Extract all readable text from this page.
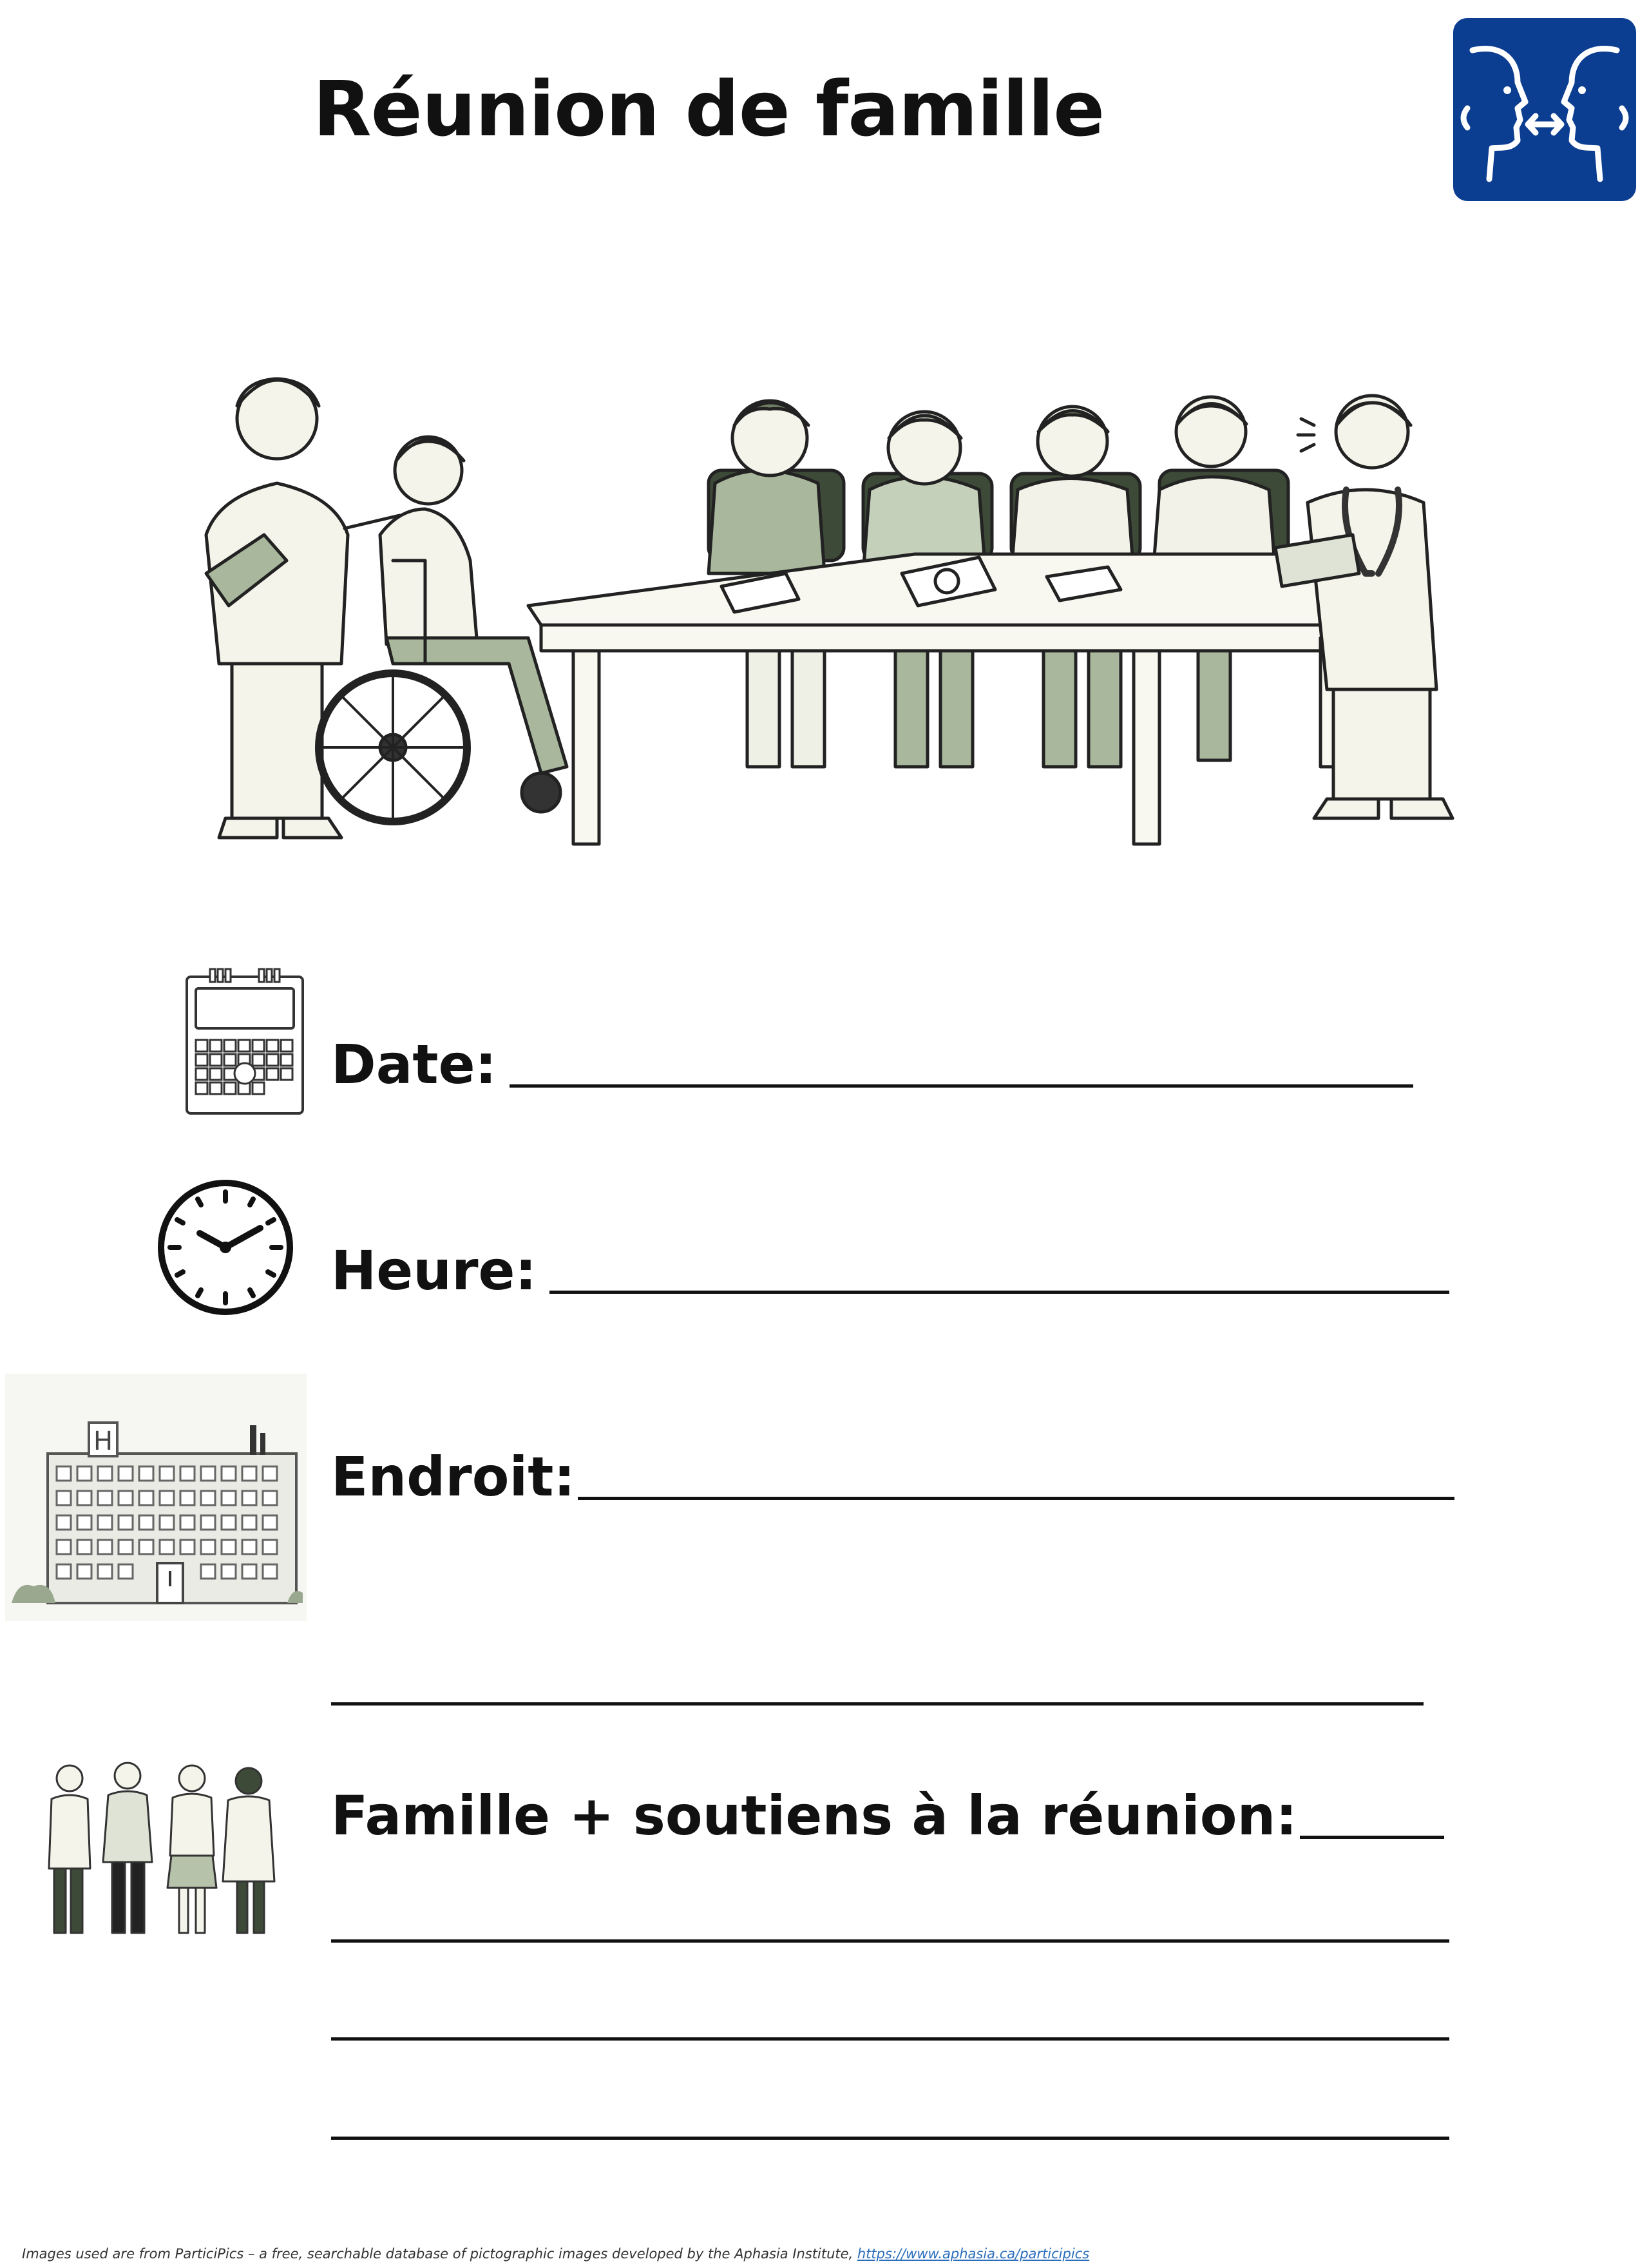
Réunion de famille
Date:
Heure:
H
Endroit:
Famille + soutiens à la réunion:
Images used are from ParticiPics – a free, searchable database of pictographic images developed by the Aphasia Institute, https://www.aphasia.ca/participics
